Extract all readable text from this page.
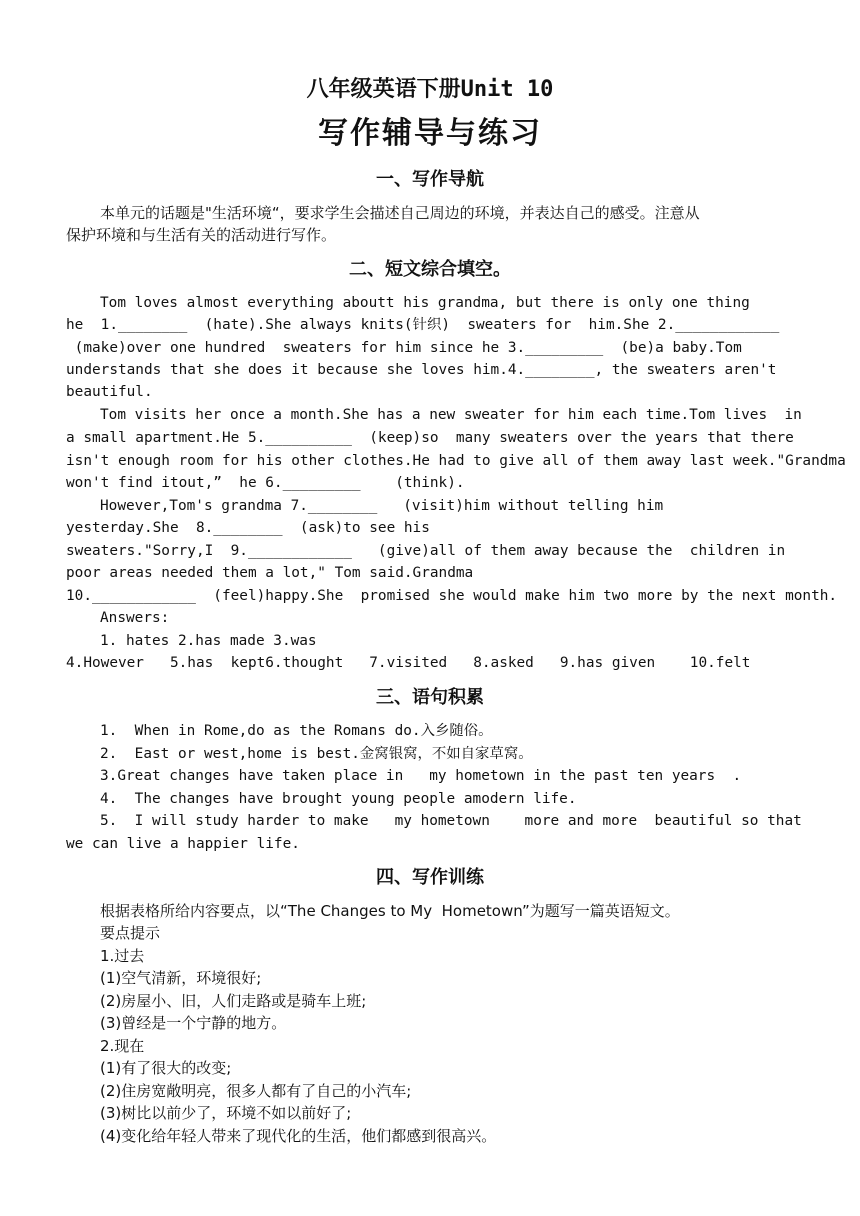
八年级英语下册Unit 10
写作辅导与练习
一、写作导航
本单元的话题是"生活环境“，要求学生会描述自己周边的环境，并表达自己的感受。注意从
保护环境和与生活有关的活动进行写作。
二、短文综合填空。
Tom loves almost everything aboutt his grandma, but there is only one thing
he  1.________  (hate).She always knits(针织)  sweaters for  him.She 2.____________
(make)over one hundred  sweaters for him since he 3._________  (be)a baby.Tom
understands that she does it because she loves him.4.________, the sweaters aren't
beautiful.
Tom visits her once a month.She has a new sweater for him each time.Tom lives  in
a small apartment.He 5.__________  (keep)so  many sweaters over the years that there
isn't enough room for his other clothes.He had to give all of them away last week."Grandma
won't find itout,”  he 6._________    (think).
However,Tom's grandma 7.________   (visit)him without telling him
yesterday.She  8.________  (ask)to see his
sweaters."Sorry,I  9.____________   (give)all of them away because the  children in
poor areas needed them a lot," Tom said.Grandma
10.____________  (feel)happy.She  promised she would make him two more by the next month.
Answers:
1. hates 2.has made 3.was
4.However   5.has  kept6.thought   7.visited   8.asked   9.has given    10.felt
三、语句积累
1.  When in Rome,do as the Romans do.入乡随俗。
2.  East or west,home is best.金窝银窝，不如自家草窝。
3.Great changes have taken place in   my hometown in the past ten years  .
4.  The changes have brought young people amodern life.
5.  I will study harder to make   my hometown    more and more  beautiful so that
we can live a happier life.
四、写作训练
根据表格所给内容要点，以“The Changes to My  Hometown”为题写一篇英语短文。
要点提示
1.过去
(1)空气清新，环境很好;
(2)房屋小、旧，人们走路或是骑车上班;
(3)曾经是一个宁静的地方。
2.现在
(1)有了很大的改变;
(2)住房宽敞明亮，很多人都有了自己的小汽车;
(3)树比以前少了，环境不如以前好了;
(4)变化给年轻人带来了现代化的生活，他们都感到很高兴。
